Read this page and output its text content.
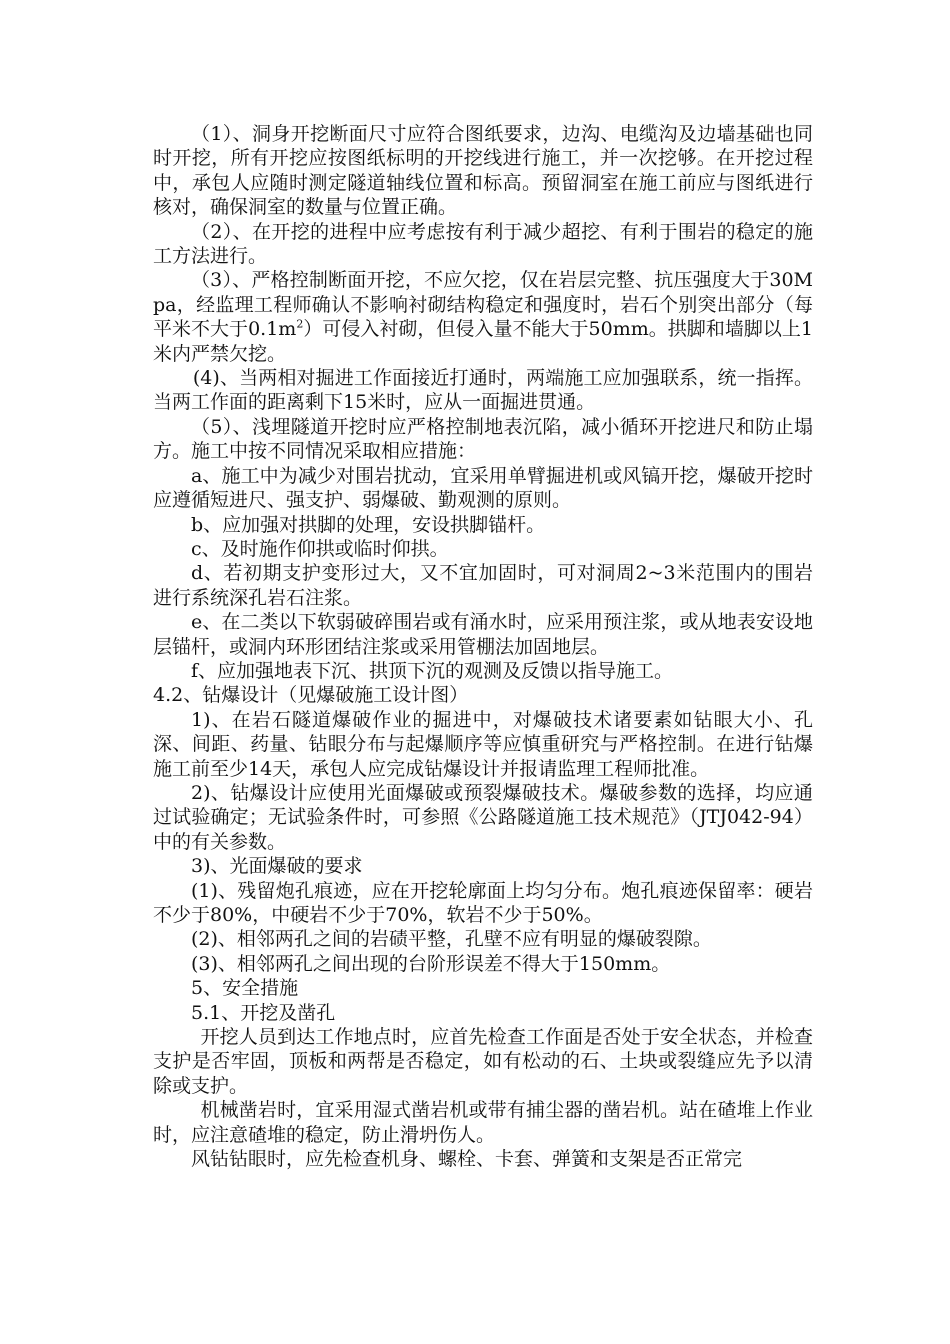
（1）、洞身开挖断面尺寸应符合图纸要求，边沟、电缆沟及边墙基础也同时开挖，所有开挖应按图纸标明的开挖线进行施工，并一次挖够。在开挖过程中，承包人应随时测定隧道轴线位置和标高。预留洞室在施工前应与图纸进行核对，确保洞室的数量与位置正确。

（2）、在开挖的进程中应考虑按有利于减少超挖、有利于围岩的稳定的施工方法进行。

（3）、严格控制断面开挖，不应欠挖，仅在岩层完整、抗压强度大于30Mpa，经监理工程师确认不影响衬砌结构稳定和强度时，岩石个别突出部分（每平米不大于$0.1m^2$）可侵入衬砌，但侵入量不能大于50mm。拱脚和墙脚以上1米内严禁欠挖。

(4)、当两相对掘进工作面接近打通时，两端施工应加强联系，统一指挥。当两工作面的距离剩下15米时，应从一面掘进贯通。

（5）、浅埋隧道开挖时应严格控制地表沉陷，减小循环开挖进尺和防止塌方。施工中按不同情况采取相应措施：

a、施工中为减少对围岩扰动，宜采用单臂掘进机或风镐开挖，爆破开挖时应遵循短进尺、强支护、弱爆破、勤观测的原则。

b、应加强对拱脚的处理，安设拱脚锚杆。

c、及时施作仰拱或临时仰拱。

d、若初期支护变形过大，又不宜加固时，可对洞周2~3米范围内的围岩进行系统深孔岩石注浆。

e、在二类以下软弱破碎围岩或有涌水时，应采用预注浆，或从地表安设地层锚杆，或洞内环形团结注浆或采用管棚法加固地层。

f、应加强地表下沉、拱顶下沉的观测及反馈以指导施工。

4.2、钻爆设计（见爆破施工设计图）

1)、在岩石隧道爆破作业的掘进中，对爆破技术诸要素如钻眼大小、孔深、间距、药量、钻眼分布与起爆顺序等应慎重研究与严格控制。在进行钻爆施工前至少14天，承包人应完成钻爆设计并报请监理工程师批准。

2)、钻爆设计应使用光面爆破或预裂爆破技术。爆破参数的选择，均应通过试验确定；无试验条件时，可参照《公路隧道施工技术规范》（JTJ042-94）中的有关参数。

3)、光面爆破的要求

(1)、残留炮孔痕迹，应在开挖轮廓面上均匀分布。炮孔痕迹保留率：硬岩不少于80%，中硬岩不少于70%，软岩不少于50%。

(2)、相邻两孔之间的岩碛平整，孔壁不应有明显的爆破裂隙。

(3)、相邻两孔之间出现的台阶形误差不得大于150mm。

5、安全措施

5.1、开挖及凿孔

开挖人员到达工作地点时，应首先检查工作面是否处于安全状态，并检查支护是否牢固，顶板和两帮是否稳定，如有松动的石、土块或裂缝应先予以清除或支护。

机械凿岩时，宜采用湿式凿岩机或带有捕尘器的凿岩机。站在碴堆上作业时，应注意碴堆的稳定，防止滑坍伤人。

风钻钻眼时，应先检查机身、螺栓、卡套、弹簧和支架是否正常完
